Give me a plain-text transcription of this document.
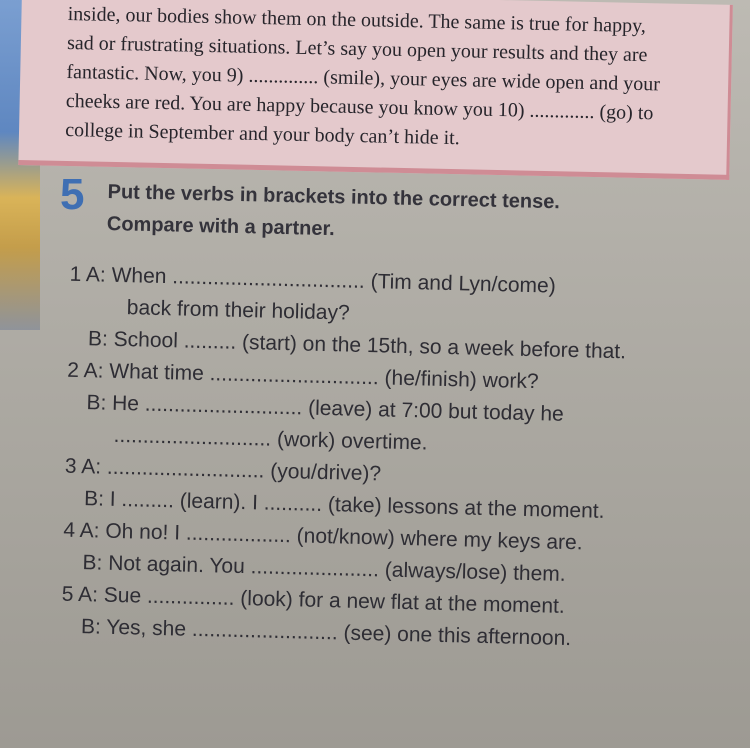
inside, our bodies show them on the outside. The same is true for happy,

sad or frustrating situations. Let’s say you open your results and they are

fantastic. Now, you 9) .............. (smile), your eyes are wide open and your

cheeks are red. You are happy because you know you 10) ............. (go) to

college in September and your body can’t hide it.

5 Put the verbs in brackets into the correct tense.
Compare with a partner.
1 A: When ................................. (Tim and Lyn/come)
back from their holiday?
B: School ......... (start) on the 15th, so a week before that.
2 A: What time ............................. (he/finish) work?
B: He ........................... (leave) at 7:00 but today he
........................... (work) overtime.
3 A: ........................... (you/drive)?
B: I ......... (learn). I .......... (take) lessons at the moment.
4 A: Oh no! I .................. (not/know) where my keys are.
B: Not again. You ...................... (always/lose) them.
5 A: Sue ............... (look) for a new flat at the moment.
B: Yes, she ......................... (see) one this afternoon.
